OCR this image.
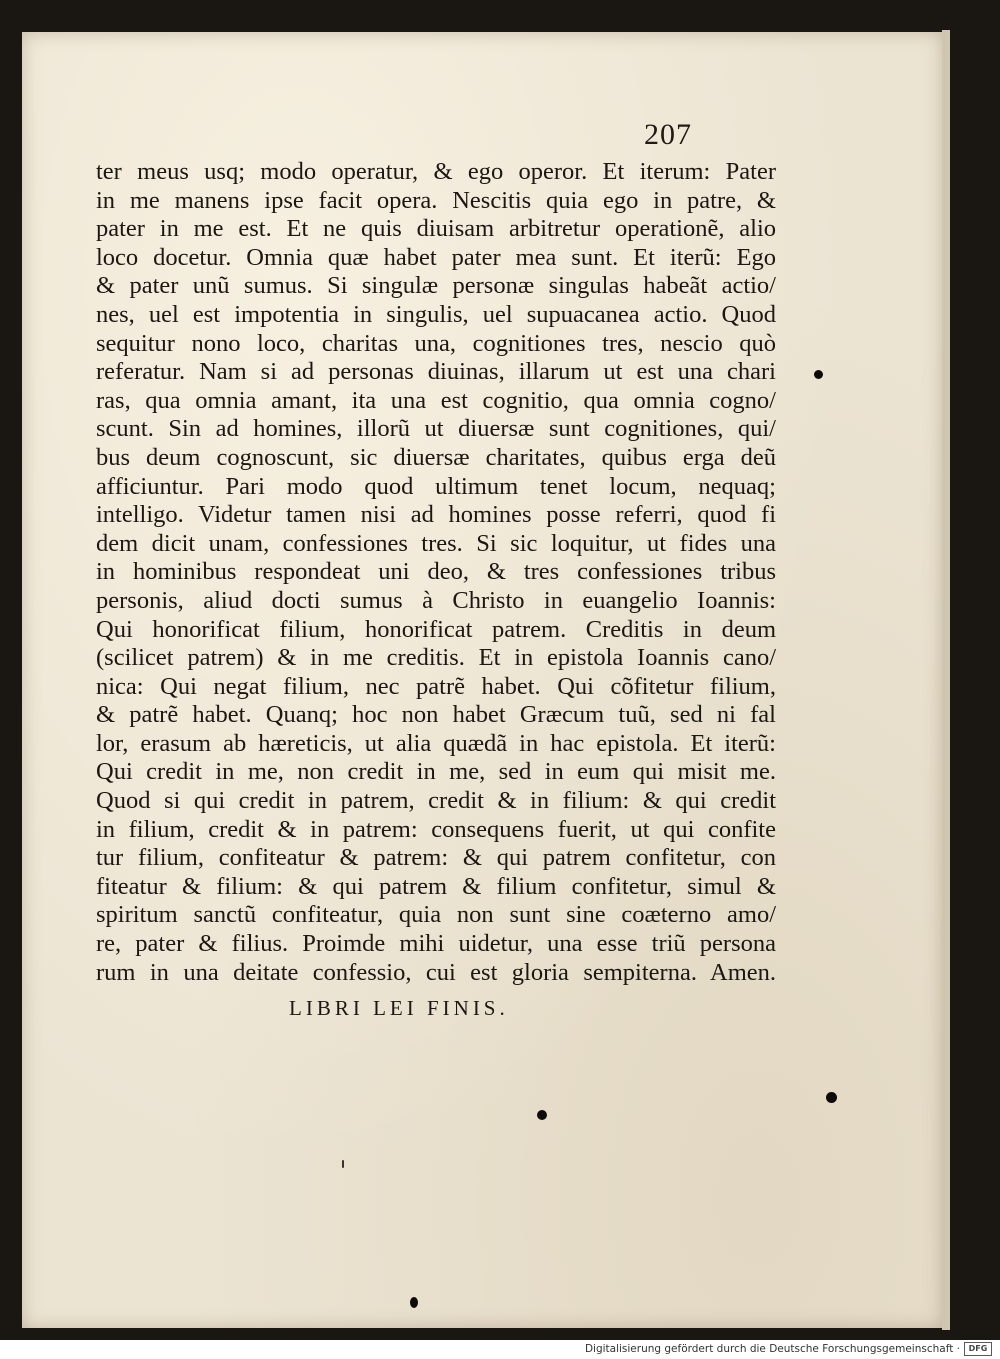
207
ter meus usq; modo operatur, & ego operor. Et iterum: Pater
in me manens ipse facit opera. Nescitis quia ego in patre, &
pater in me est. Et ne quis diuisam arbitretur operationẽ, alio
loco docetur. Omnia quæ habet pater mea sunt. Et iterũ: Ego
& pater unũ sumus. Si singulæ personæ singulas habeãt actio/
nes, uel est impotentia in singulis, uel supuacanea actio. Quod
sequitur nono loco, charitas una, cognitiones tres, nescio quò
referatur. Nam si ad personas diuinas, illarum ut est una chari
ras, qua omnia amant, ita una est cognitio, qua omnia cogno/
scunt. Sin ad homines, illorũ ut diuersæ sunt cognitiones, qui/
bus deum cognoscunt, sic diuersæ charitates, quibus erga deũ
afficiuntur. Pari modo quod ultimum tenet locum, nequaq;
intelligo. Videtur tamen nisi ad homines posse referri, quod fi
dem dicit unam, confessiones tres. Si sic loquitur, ut fides una
in hominibus respondeat uni deo, & tres confessiones tribus
personis, aliud docti sumus à Christo in euangelio Ioannis:
Qui honorificat filium, honorificat patrem. Creditis in deum
(scilicet patrem) & in me creditis. Et in epistola Ioannis cano/
nica: Qui negat filium, nec patrẽ habet. Qui cõfitetur filium,
& patrẽ habet. Quanq; hoc non habet Græcum tuũ, sed ni fal
lor, erasum ab hæreticis, ut alia quædã in hac epistola. Et iterũ:
Qui credit in me, non credit in me, sed in eum qui misit me.
Quod si qui credit in patrem, credit & in filium: & qui credit
in filium, credit & in patrem: consequens fuerit, ut qui confite
tur filium, confiteatur & patrem: & qui patrem confitetur, con
fiteatur & filium: & qui patrem & filium confitetur, simul &
spiritum sanctũ confiteatur, quia non sunt sine coæterno amo/
re, pater & filius. Proimde mihi uidetur, una esse triũ persona
rum in una deitate confessio, cui est gloria sempiterna. Amen.
LIBRI LEI FINIS.
Digitalisierung gefördert durch die Deutsche Forschungsgemeinschaft ·	DFG
